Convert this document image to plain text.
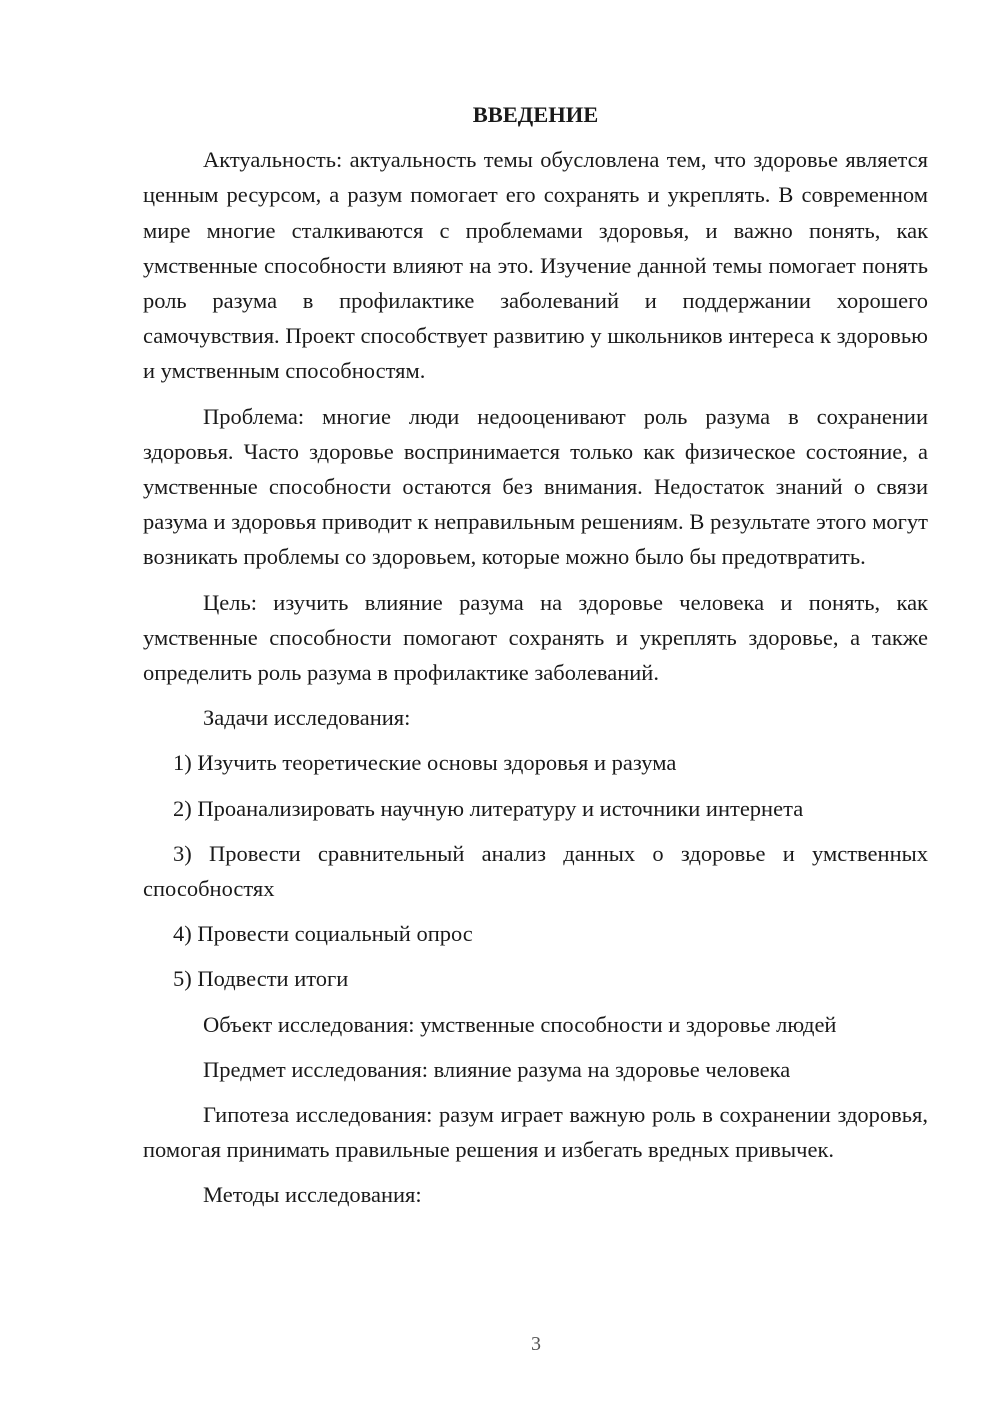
ВВЕДЕНИЕ

Актуальность: актуальность темы обусловлена тем, что здоровье является ценным ресурсом, а разум помогает его сохранять и укреплять. В современном мире многие сталкиваются с проблемами здоровья, и важно понять, как умственные способности влияют на это. Изучение данной темы помогает понять роль разума в профилактике заболеваний и поддержании хорошего самочувствия. Проект способствует развитию у школьников интереса к здоровью и умственным способностям.

Проблема: многие люди недооценивают роль разума в сохранении здоровья. Часто здоровье воспринимается только как физическое состояние, а умственные способности остаются без внимания. Недостаток знаний о связи разума и здоровья приводит к неправильным решениям. В результате этого могут возникать проблемы со здоровьем, которые можно было бы предотвратить.

Цель: изучить влияние разума на здоровье человека и понять, как умственные способности помогают сохранять и укреплять здоровье, а также определить роль разума в профилактике заболеваний.

Задачи исследования:

1) Изучить теоретические основы здоровья и разума

2) Проанализировать научную литературу и источники интернета

3) Провести сравнительный анализ данных о здоровье и умственных способностях

4) Провести социальный опрос

5) Подвести итоги

Объект исследования: умственные способности и здоровье людей

Предмет исследования: влияние разума на здоровье человека

Гипотеза исследования: разум играет важную роль в сохранении здоровья, помогая принимать правильные решения и избегать вредных привычек.

Методы исследования:

3
